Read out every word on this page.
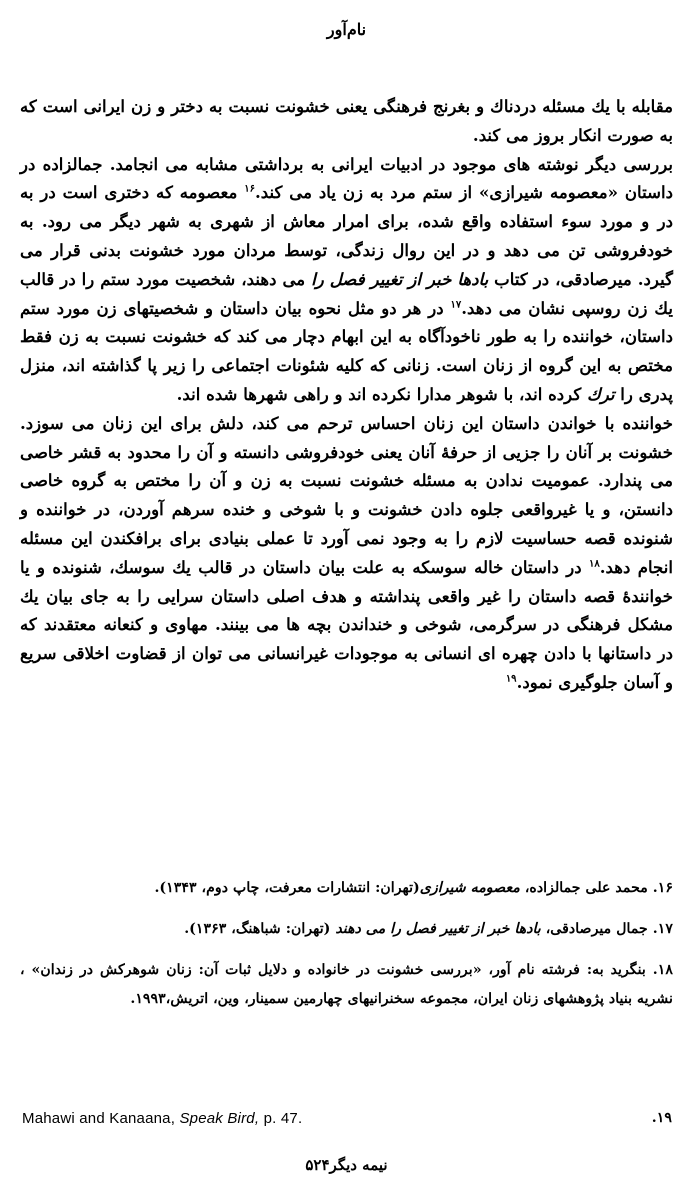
نام‌آور

مقابله با یك مسئله دردناك و بغرنج فرهنگی یعنی خشونت نسبت به دختر و زن ایرانی است که به صورت انکار بروز می کند.

بررسی دیگر نوشته های موجود در ادبیات ایرانی به برداشتی مشابه می انجامد. جمالزاده در داستان «معصومه شیرازی» از ستم مرد به زن یاد می کند.$^{۱۶}$ معصومه که دختری است در به در و مورد سوء استفاده واقع شده، برای امرار معاش از شهری به شهر دیگر می رود. به خودفروشی تن می دهد و در این روال زندگی، توسط مردان مورد خشونت بدنی قرار می گیرد. میرصادقی، در کتاب بادها خبر از تغییر فصل را می دهند، شخصیت مورد ستم را در قالب یك زن روسپی نشان می دهد.$^{۱۷}$ در هر دو مثل نحوه بیان داستان و شخصیتهای زن مورد ستم داستان، خواننده را به طور ناخودآگاه به این ابهام دچار می کند که خشونت نسبت به زن فقط مختص به این گروه از زنان است. زنانی که کلیه شئونات اجتماعی را زیر پا گذاشته اند، منزل پدری را ترك کرده اند، با شوهر مدارا نکرده اند و راهی شهرها شده اند.

خواننده با خواندن داستان این زنان احساس ترحم می کند، دلش برای این زنان می سوزد. خشونت بر آنان را جزیی از حرفهٔ آنان یعنی خودفروشی دانسته و آن را محدود به قشر خاصی می پندارد. عمومیت ندادن به مسئله خشونت نسبت به زن و آن را مختص به گروه خاصی دانستن، و یا غیرواقعی جلوه دادن خشونت و با شوخی و خنده سرهم آوردن، در خواننده و شنونده قصه حساسیت لازم را به وجود نمی آورد تا عملی بنیادی برای برافکندن این مسئله انجام دهد.$^{۱۸}$ در داستان خاله سوسکه به علت بیان داستان در قالب یك سوسك، شنونده و یا خوانندهٔ قصه داستان را غیر واقعی پنداشته و هدف اصلی داستان سرایی را به جای بیان یك مشکل فرهنگی در سرگرمی، شوخی و خنداندن بچه ها می بینند. مهاوی و کنعانه معتقدند که در داستانها با دادن چهره ای انسانی به موجودات غیرانسانی می توان از قضاوت اخلاقی سریع و آسان جلوگیری نمود.$^{۱۹}$

۱۶. محمد علی جمالزاده، معصومه شیرازی(تهران: انتشارات معرفت، چاپ دوم، ۱۳۴۳).

۱۷. جمال میرصادقی، بادها خبر از تغییر فصل را می دهند (تهران: شباهنگ، ۱۳۶۳).

۱۸. بنگرید به: فرشته نام آور، «بررسی خشونت در خانواده و دلایل ثبات آن: زنان شوهرکش در زندان» ، نشریه بنیاد پژوهشهای زنان ایران، مجموعه سخنرانیهای چهارمین سمینار، وین، اتریش،۱۹۹۳.

۱۹.
Mahawi and Kanaana, Speak Bird, p. 47.
نیمه دیگر۵۲۴
